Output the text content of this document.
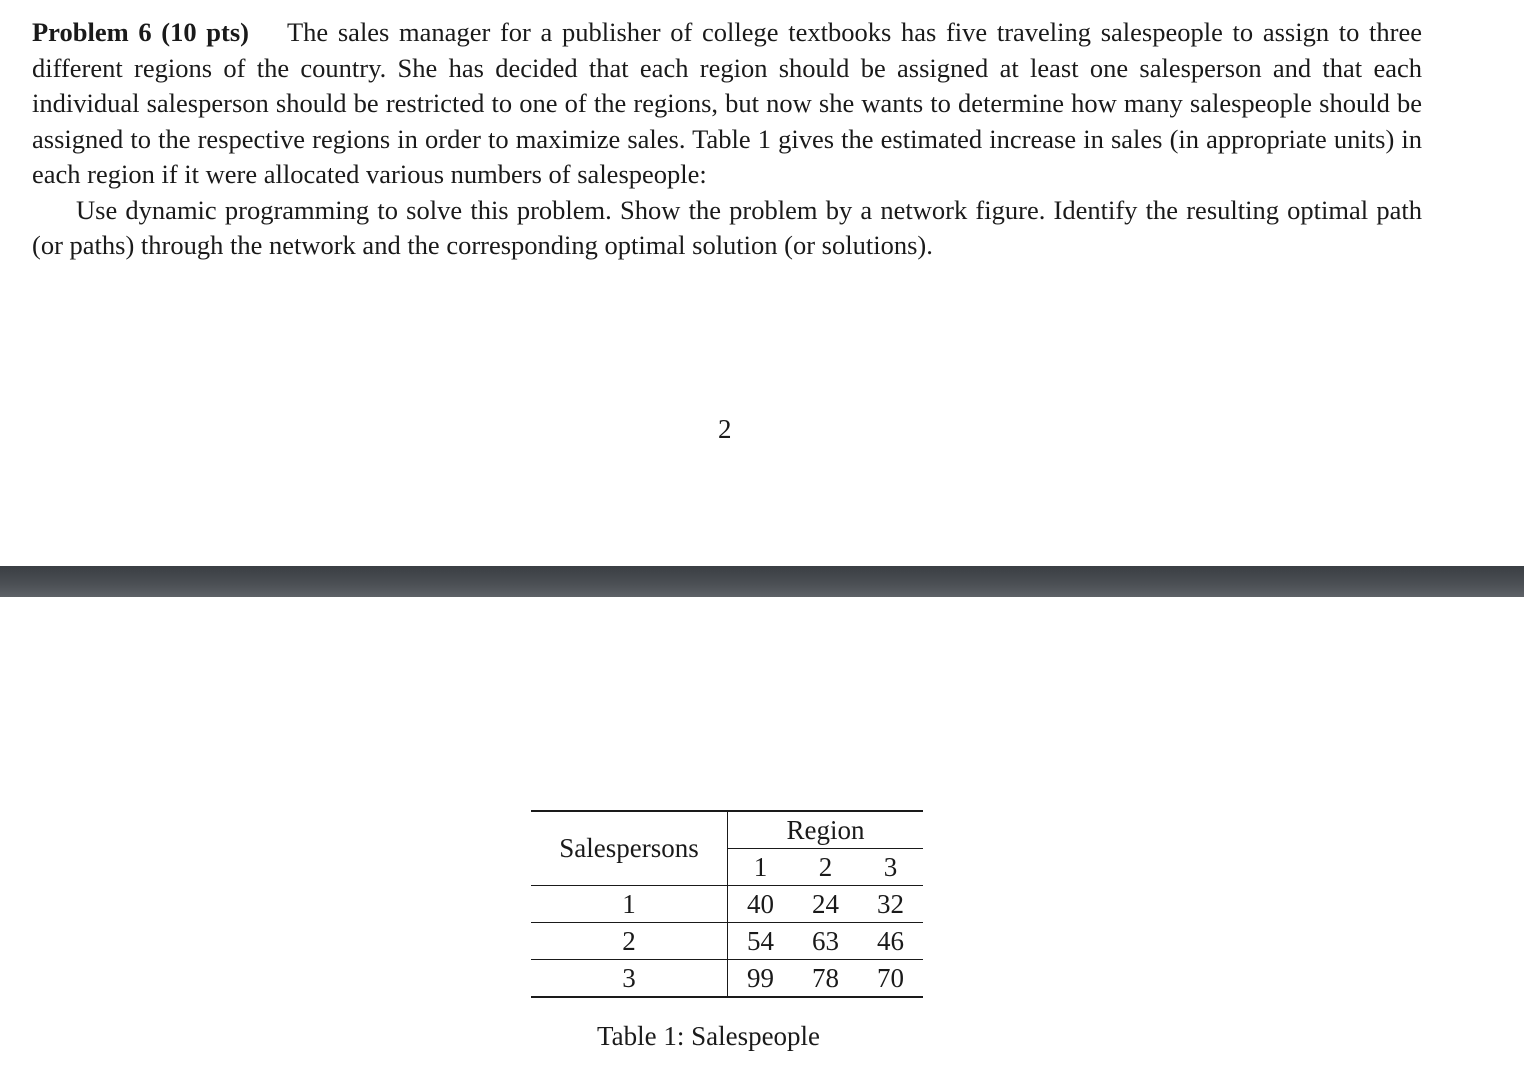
Problem 6 (10 pts) The sales manager for a publisher of college textbooks has five traveling salespeople to assign to three different regions of the country. She has decided that each region should be assigned at least one salesperson and that each individual salesperson should be restricted to one of the regions, but now she wants to determine how many salespeople should be assigned to the respective regions in order to maximize sales. Table 1 gives the estimated increase in sales (in appropriate units) in each region if it were allocated various numbers of salespeople:

Use dynamic programming to solve this problem. Show the problem by a network figure. Identify the resulting optimal path (or paths) through the network and the corresponding optimal solution (or solutions).

2
Salespersons	Region		
	1	2	3
1	40	24	32
2	54	63	46
3	99	78	70
Table 1: Salespeople
